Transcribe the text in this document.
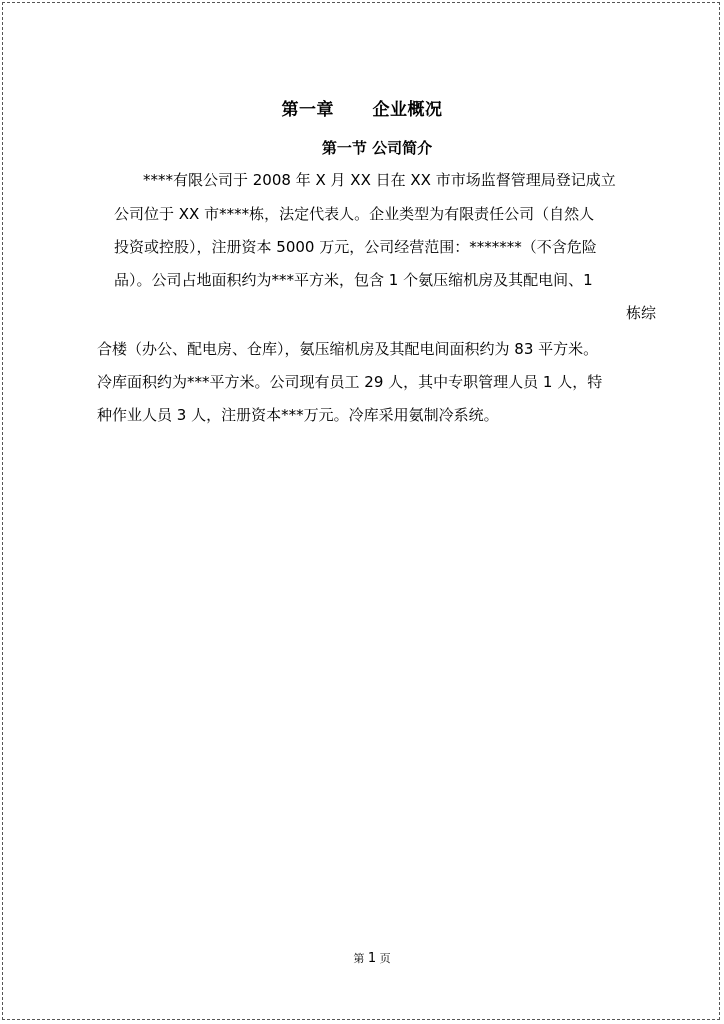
第一章      企业概况
第一节 公司简介
****有限公司于 2008 年 X 月 XX 日在 XX 市市场监督管理局登记成立
公司位于 XX 市****栋，法定代表人。企业类型为有限责任公司（自然人
投资或控股），注册资本 5000 万元，公司经营范围：*******（不含危险
品）。公司占地面积约为***平方米，包含 1 个氨压缩机房及其配电间、1
栋综
合楼（办公、配电房、仓库），氨压缩机房及其配电间面积约为 83 平方米。
冷库面积约为***平方米。公司现有员工 29 人，其中专职管理人员 1 人，特
种作业人员 3 人，注册资本***万元。冷库采用氨制冷系统。
第 1 页
